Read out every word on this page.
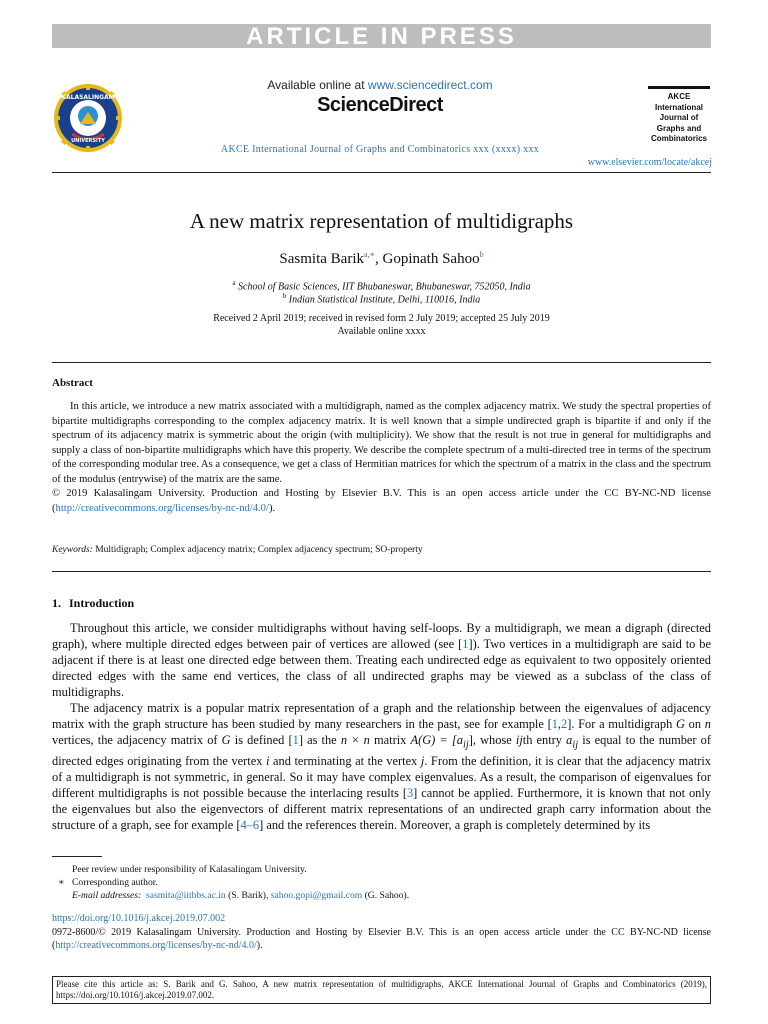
ARTICLE IN PRESS
KALASALINGAM
UNIVERSITY
Available online at www.sciencedirect.com
ScienceDirect
AKCE International Journal of Graphs and Combinatorics xxx (xxxx) xxx
AKCE
International
Journal of
Graphs and
Combinatorics
www.elsevier.com/locate/akcej
A new matrix representation of multidigraphs
Sasmita Barik$^{a,∗}$, Gopinath Sahoo$^b$
$^a$ School of Basic Sciences, IIT Bhubaneswar, Bhubaneswar, 752050, India
$^b$ Indian Statistical Institute, Delhi, 110016, India
Received 2 April 2019; received in revised form 2 July 2019; accepted 25 July 2019
Available online xxxx
Abstract

In this article, we introduce a new matrix associated with a multidigraph, named as the complex adjacency matrix. We study the spectral properties of bipartite multidigraphs corresponding to the complex adjacency matrix. It is well known that a simple undirected graph is bipartite if and only if the spectrum of its adjacency matrix is symmetric about the origin (with multiplicity). We show that the result is not true in general for multidigraphs and supply a class of non-bipartite multidigraphs which have this property. We describe the complete spectrum of a multi-directed tree in terms of the spectrum of the corresponding modular tree. As a consequence, we get a class of Hermitian matrices for which the spectrum of a matrix in the class and the spectrum of the modulus (entrywise) of the matrix are the same.

© 2019 Kalasalingam University. Production and Hosting by Elsevier B.V. This is an open access article under the CC BY-NC-ND license (http://creativecommons.org/licenses/by-nc-nd/4.0/).

Keywords: Multidigraph; Complex adjacency matrix; Complex adjacency spectrum; SO-property
1. Introduction

Throughout this article, we consider multidigraphs without having self-loops. By a multidigraph, we mean a digraph (directed graph), where multiple directed edges between pair of vertices are allowed (see [1]). Two vertices in a multidigraph are said to be adjacent if there is at least one directed edge between them. Treating each undirected edge as equivalent to two oppositely oriented directed edges with the same end vertices, the class of all undirected graphs may be viewed as a subclass of the class of multidigraphs.

The adjacency matrix is a popular matrix representation of a graph and the relationship between the eigenvalues of adjacency matrix with the graph structure has been studied by many researchers in the past, see for example [1,2]. For a multidigraph G on n vertices, the adjacency matrix of G is defined [1] as the n × n matrix $A(G) = [a_{ij}]$, whose ijth entry $a_{ij}$ is equal to the number of directed edges originating from the vertex i and terminating at the vertex j. From the definition, it is clear that the adjacency matrix of a multidigraph is not symmetric, in general. So it may have complex eigenvalues. As a result, the comparison of eigenvalues for different multidigraphs is not possible because the interlacing results [3] cannot be applied. Furthermore, it is known that not only the eigenvalues but also the eigenvectors of different matrix representations of an undirected graph carry information about the structure of a graph, see for example [4–6] and the references therein. Moreover, a graph is completely determined by its

Peer review under responsibility of Kalasalingam University.
∗ Corresponding author.
E-mail addresses: sasmita@iitbbs.ac.in (S. Barik), sahoo.gopi@gmail.com (G. Sahoo).
https://doi.org/10.1016/j.akcej.2019.07.002
0972-8600/© 2019 Kalasalingam University. Production and Hosting by Elsevier B.V. This is an open access article under the CC BY-NC-ND license (http://creativecommons.org/licenses/by-nc-nd/4.0/).
Please cite this article as: S. Barik and G. Sahoo, A new matrix representation of multidigraphs, AKCE International Journal of Graphs and Combinatorics (2019), https://doi.org/10.1016/j.akcej.2019.07.002.
